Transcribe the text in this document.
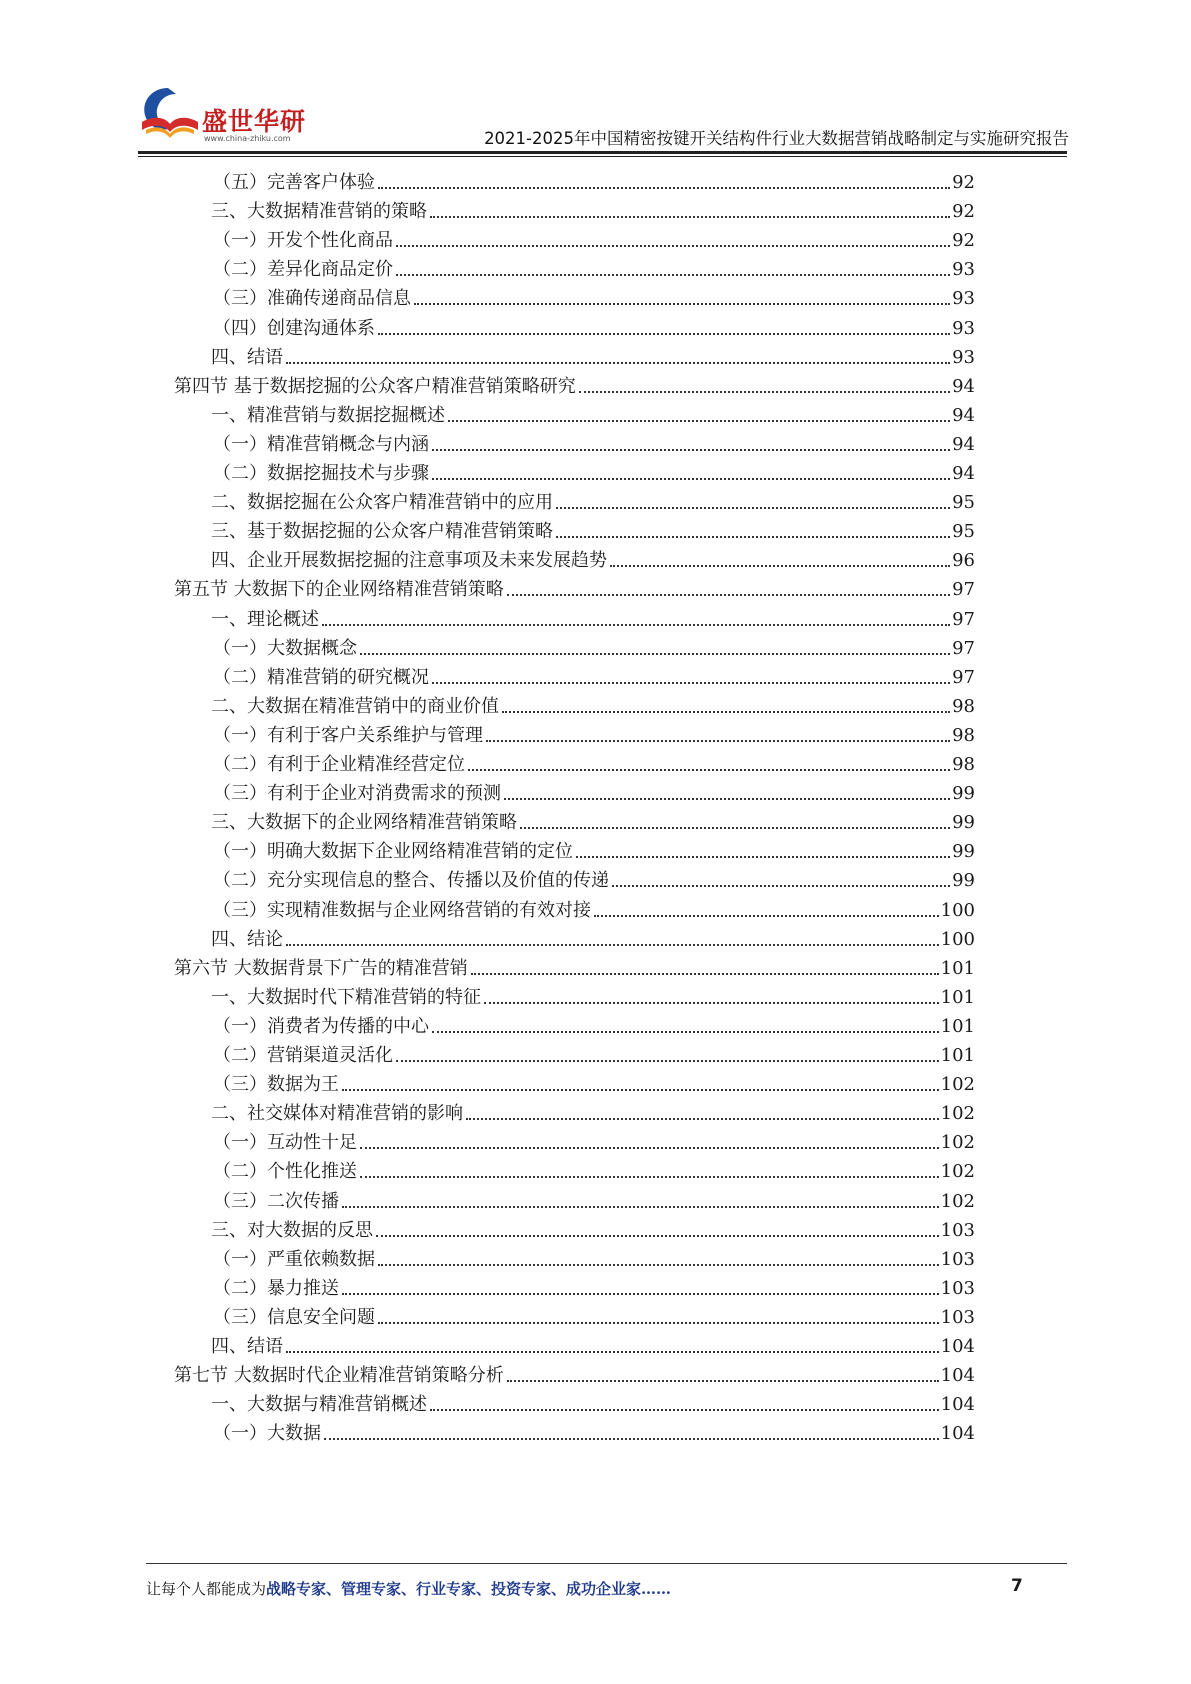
盛世华研
www.china-zhiku.com	2021-2025年中国精密按键开关结构件行业大数据营销战略制定与实施研究报告
（五）完善客户体验	92
三、大数据精准营销的策略	92
（一）开发个性化商品	92
（二）差异化商品定价	93
（三）准确传递商品信息	93
（四）创建沟通体系	93
四、结语	93
第四节 基于数据挖掘的公众客户精准营销策略研究	94
一、精准营销与数据挖掘概述	94
（一）精准营销概念与内涵	94
（二）数据挖掘技术与步骤	94
二、数据挖掘在公众客户精准营销中的应用	95
三、基于数据挖掘的公众客户精准营销策略	95
四、企业开展数据挖掘的注意事项及未来发展趋势	96
第五节 大数据下的企业网络精准营销策略	97
一、理论概述	97
（一）大数据概念	97
（二）精准营销的研究概况	97
二、大数据在精准营销中的商业价值	98
（一）有利于客户关系维护与管理	98
（二）有利于企业精准经营定位	98
（三）有利于企业对消费需求的预测	99
三、大数据下的企业网络精准营销策略	99
（一）明确大数据下企业网络精准营销的定位	99
（二）充分实现信息的整合、传播以及价值的传递	99
（三）实现精准数据与企业网络营销的有效对接	100
四、结论	100
第六节 大数据背景下广告的精准营销	101
一、大数据时代下精准营销的特征	101
（一）消费者为传播的中心	101
（二）营销渠道灵活化	101
（三）数据为王	102
二、社交媒体对精准营销的影响	102
（一）互动性十足	102
（二）个性化推送	102
（三）二次传播	102
三、对大数据的反思	103
（一）严重依赖数据	103
（二）暴力推送	103
（三）信息安全问题	103
四、结语	104
第七节 大数据时代企业精准营销策略分析	104
一、大数据与精准营销概述	104
（一）大数据	104
让每个人都能成为战略专家、管理专家、行业专家、投资专家、成功企业家……	7
